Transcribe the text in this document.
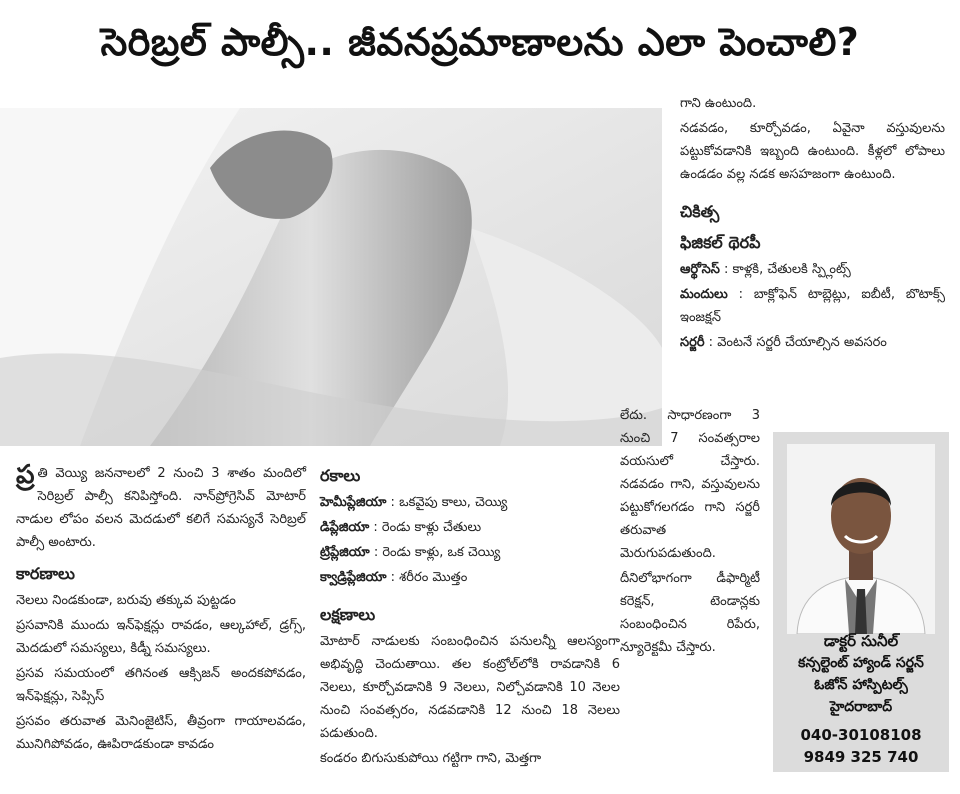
సెరిబ్రల్ పాల్సీ.. జీవనప్రమాణాలను ఎలా పెంచాలి?

ప్ర తి వెయ్యి జననాలలో 2 నుంచి 3 శాతం మందిలో సెరిబ్రల్ పాల్సీ కనిపిస్తోంది. నాన్‌ప్రోగ్రెసివ్ మోటార్ నాడుల లోపం వలన మెదడులో కలిగే సమస్యనే సెరిబ్రల్ పాల్సీ అంటారు.

కారణాలు

నెలలు నిండకుండా, బరువు తక్కువ పుట్టడం

ప్రసవానికి ముందు ఇన్‌ఫెక్షన్లు రావడం, ఆల్కహాల్, డ్రగ్స్, మెదడులో సమస్యలు, కిడ్నీ సమస్యలు.

ప్రసవ సమయంలో తగినంత ఆక్సిజన్ అందకపోవడం, ఇన్‌ఫెక్షన్లు, సెప్సిస్

ప్రసవం తరువాత మెనింజైటిస్, తీవ్రంగా గాయాలవడం, మునిగిపోవడం, ఊపిరాడకుండా కావడం

రకాలు

హెమీప్లేజియా : ఒకవైపు కాలు, చెయ్యి

డిప్లేజియా : రెండు కాళ్లు చేతులు

ట్రిప్లేజియా : రెండు కాళ్లు, ఒక చెయ్యి

క్వాడ్రిప్లేజియా : శరీరం మొత్తం

లక్షణాలు

మోటార్ నాడులకు సంబంధించిన పనులన్నీ ఆలస్యంగా అభివృద్ధి చెందుతాయి. తల కంట్రోల్‌లోకి రావడానికి 6 నెలలు, కూర్చోవడానికి 9 నెలలు, నిల్చోవడానికి 10 నెలల నుంచి సంవత్సరం, నడవడానికి 12 నుంచి 18 నెలలు పడుతుంది.

కండరం బిగుసుకుపోయి గట్టిగా గాని, మెత్తగా

గాని ఉంటుంది.

నడవడం, కూర్చోవడం, ఏవైనా వస్తువులను పట్టుకోవడానికి ఇబ్బంది ఉంటుంది. కీళ్లలో లోపాలు ఉండడం వల్ల నడక అసహజంగా ఉంటుంది.

చికిత్స
ఫిజికల్ థెరపీ

ఆర్థోసెస్ : కాళ్లకి, చేతులకి స్ప్లింట్స్

మందులు : బాక్లోఫెన్ టాబ్లెట్లు, ఐబీటీ, బొటాక్స్ ఇంజక్షన్

సర్జరీ : వెంటనే సర్జరీ చేయాల్సిన అవసరం

లేదు. సాధారణంగా 3 నుంచి 7 సంవత్సరాల వయసులో చేస్తారు. నడవడం గాని, వస్తువులను పట్టుకోగలగడం గాని సర్జరీ తరువాత మెరుగుపడుతుంది.

దీనిలోభాగంగా డీఫార్మిటీ కరెక్షన్, టెండాన్లకు సంబంధించిన రిపేరు, న్యూరెక్టమీ చేస్తారు.	డాక్టర్ సునీల్
కన్సల్టెంట్ హ్యాండ్ సర్జన్
ఓజోన్ హాస్పిటల్స్
హైదరాబాద్
040-30108108
9849 325 740
